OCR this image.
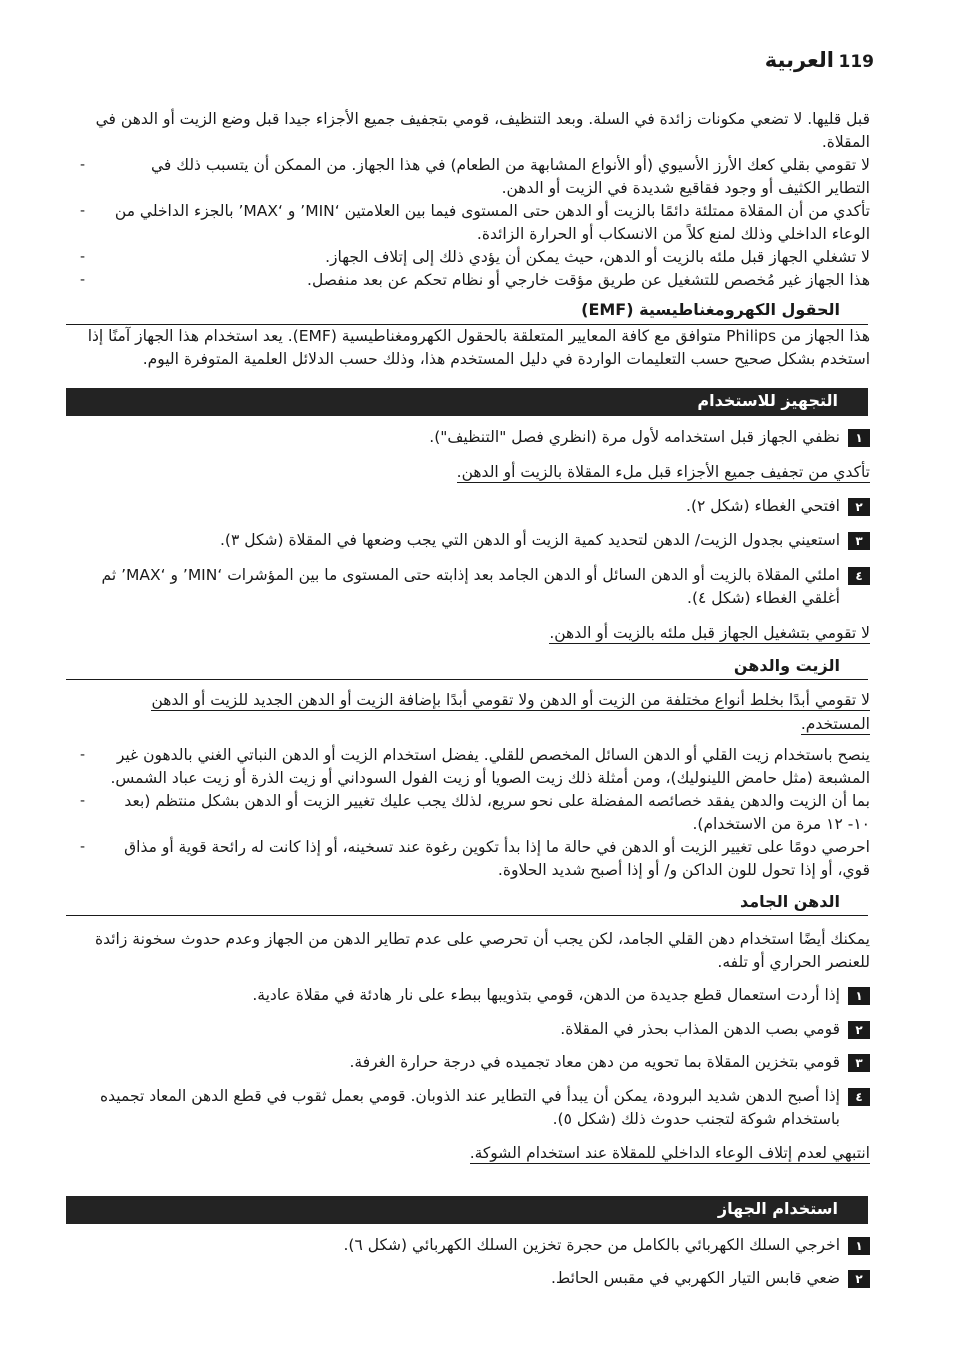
119
العربية
قبل قليها. لا تضعي مكونات زائدة في السلة. وبعد التنظيف، قومي بتجفيف جميع الأجزاء جيدا قبل وضع الزيت أو الدهن في المقلاة.
-	لا تقومي بقلي كعك الأرز الأسيوي (أو الأنواع المشابهة من الطعام) في هذا الجهاز. من الممكن أن يتسبب ذلك في التطاير الكثيف أو وجود فقاقيع شديدة في الزيت أو الدهن.
-	تأكدي من أن المقلاة ممتلئة دائمًا بالزيت أو الدهن حتى المستوى فيما بين العلامتين ‘MIN’ و ‘MAX’ بالجزء الداخلي من الوعاء الداخلي وذلك لمنع كلاً من الانسكاب أو الحرارة الزائدة.
-	لا تشغلي الجهاز قبل ملئه بالزيت أو الدهن، حيث يمكن أن يؤدي ذلك إلى إتلاف الجهاز.
-	هذا الجهاز غير مُخصص للتشغيل عن طريق مؤقت خارجي أو نظام تحكم عن بعد منفصل.
الحقول الكهرومغناطيسية (EMF)
هذا الجهاز من Philips متوافق مع كافة المعايير المتعلقة بالحقول الكهرومغناطيسية (EMF). يعد استخدام هذا الجهاز آمنًا إذا استخدم بشكل صحيح حسب التعليمات الواردة في دليل المستخدم هذا، وذلك حسب الدلائل العلمية المتوفرة اليوم.
التجهيز للاستخدام
١
نظفي الجهاز قبل استخدامه لأول مرة (انظري فصل "التنظيف").
تأكدي من تجفيف جميع الأجزاء قبل ملء المقلاة بالزيت أو الدهن.
٢
افتحي الغطاء (شكل ٢).
٣
استعيني بجدول الزيت/ الدهن لتحديد كمية الزيت أو الدهن التي يجب وضعها في المقلاة (شكل ٣).
٤
املئي المقلاة بالزيت أو الدهن السائل أو الدهن الجامد بعد إذابته حتى المستوى ما بين المؤشرات ‘MIN’ و ‘MAX’ ثم أغلقي الغطاء (شكل ٤).
لا تقومي بتشغيل الجهاز قبل ملئه بالزيت أو الدهن.
الزيت والدهن
لا تقومي أبدًا بخلط أنواع مختلفة من الزيت أو الدهن ولا تقومي أبدًا بإضافة الزيت أو الدهن الجديد للزيت أو الدهن المستخدم.
-	ينصح باستخدام زيت القلي أو الدهن السائل المخصص للقلي. يفضل استخدام الزيت أو الدهن النباتي الغني بالدهون غير المشبعة (مثل حامض اللينوليك)، ومن أمثلة ذلك زيت الصويا أو زيت الفول السوداني أو زيت الذرة أو زيت عباد الشمس.
-	بما أن الزيت والدهن يفقد خصائصه المفضلة على نحو سريع، لذلك يجب عليك تغيير الزيت أو الدهن بشكل منتظم (بعد ١٠- ١٢ مرة من الاستخدام).
-	احرصي دومًا على تغيير الزيت أو الدهن في حالة ما إذا بدأ تكوين رغوة عند تسخينه، أو إذا كانت له رائحة قوية أو مذاق قوي، أو إذا تحول للون الداكن و/ أو إذا أصبح شديد الحلاوة.
الدهن الجامد
يمكنك أيضًا استخدام دهن القلي الجامد، لكن يجب أن تحرصي على عدم تطاير الدهن من الجهاز وعدم حدوث سخونة زائدة للعنصر الحراري أو تلفه.
١
إذا أردت استعمال قطع جديدة من الدهن، قومي بتذويبها ببطء على نار هادئة في مقلاة عادية.
٢
قومي بصب الدهن المذاب بحذر في المقلاة.
٣
قومي بتخزين المقلاة بما تحويه من دهن معاد تجميده في درجة حرارة الغرفة.
٤
إذا أصبح الدهن شديد البرودة، يمكن أن يبدأ في التطاير عند الذوبان. قومي بعمل ثقوب في قطع الدهن المعاد تجميده باستخدام شوكة لتجنب حدوث ذلك (شكل ٥).
انتبهي لعدم إتلاف الوعاء الداخلي للمقلاة عند استخدام الشوكة.
استخدام الجهاز
١
اخرجي السلك الكهربائي بالكامل من حجرة تخزين السلك الكهربائي (شكل ٦).
٢
ضعي قابس التيار الكهربي في مقبس الحائط.
